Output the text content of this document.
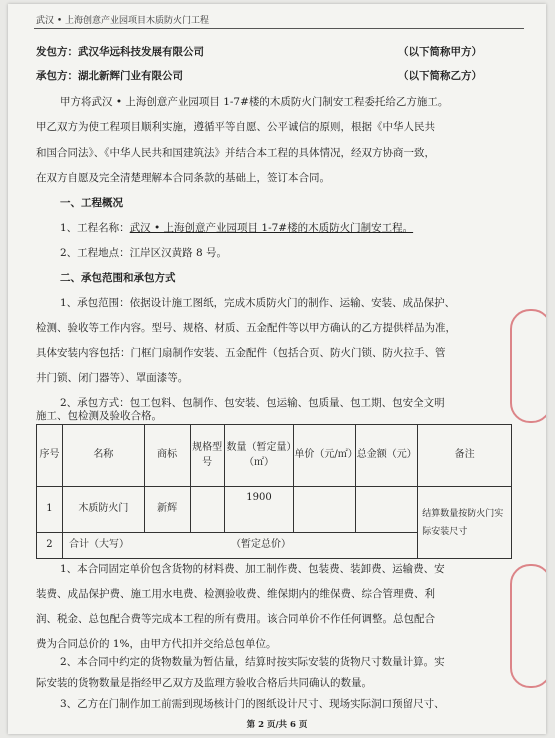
武汉 • 上海创意产业园项目木质防火门工程
发包方：武汉华远科技发展有限公司	（以下简称甲方）
承包方：湖北新辉门业有限公司	（以下简称乙方）
甲方将武汉 • 上海创意产业园项目 1-7#楼的木质防火门制安工程委托给乙方施工。
甲乙双方为使工程项目顺利实施，遵循平等自愿、公平诚信的原则，根据《中华人民共
和国合同法》、《中华人民共和国建筑法》并结合本工程的具体情况，经双方协商一致，
在双方自愿及完全清楚理解本合同条款的基础上，签订本合同。
一、工程概况
1、工程名称：武汉 • 上海创意产业园项目 1-7#楼的木质防火门制安工程。
2、工程地点：江岸区汉黄路 8 号。
二、承包范围和承包方式
1、承包范围：依据设计施工图纸，完成木质防火门的制作、运输、安装、成品保护、
检测、验收等工作内容。型号、规格、材质、五金配件等以甲方确认的乙方提供样品为准，
具体安装内容包括：门框门扇制作安装、五金配件（包括合页、防火门锁、防火拉手、管
井门锁、闭门器等）、罩面漆等。
2、承包方式：包工包料、包制作、包安装、包运输、包质量、包工期、包安全文明
序号	名称	商标	规格型号	数量（暂定量）（㎡）	单价（元/㎡）	总金额（元）	备注
1	木质防火门	新辉		1900			结算数量按防火门实际安装尺寸
2	合计（大写） （暂定总价）						
1、本合同固定单价包含货物的材料费、加工制作费、包装费、装卸费、运输费、安
装费、成品保护费、施工用水电费、检测验收费、维保期内的维保费、综合管理费、利
润、税金、总包配合费等完成本工程的所有费用。该合同单价不作任何调整。总包配合
费为合同总价的 1%，由甲方代扣并交给总包单位。
2、本合同中约定的货物数量为暂估量，结算时按实际安装的货物尺寸数量计算。实
际安装的货物数量是指经甲乙双方及监理方验收合格后共同确认的数量。
3、乙方在门制作加工前需到现场核计门的图纸设计尺寸、现场实际洞口预留尺寸、
第 2 页/共 6 页
施工、包检测及验收合格。
